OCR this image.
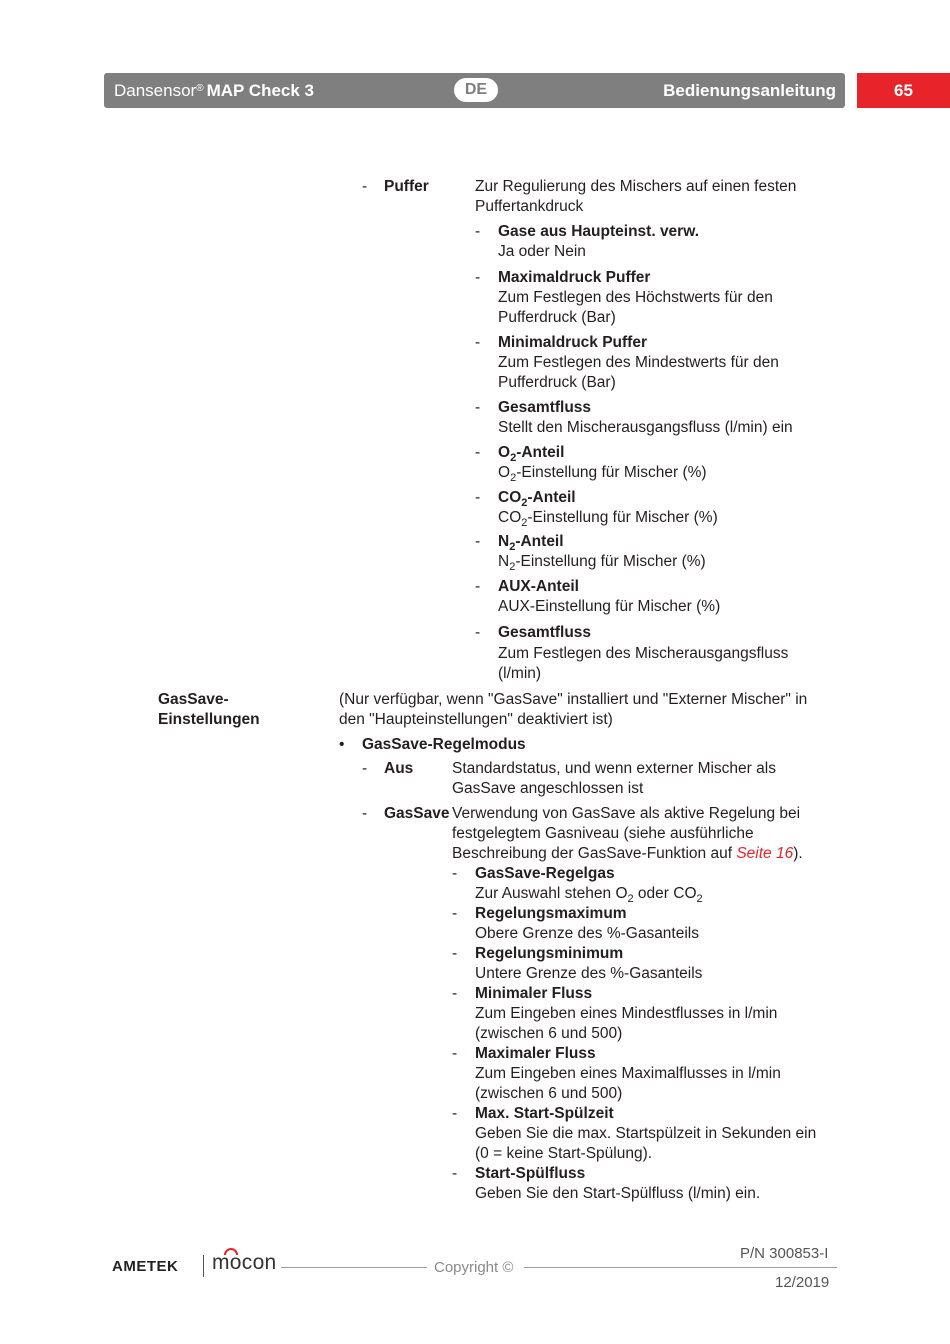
Dansensor® MAP Check 3	DE	Bedienungsanleitung	65
- Puffer	Zur Regulierung des Mischers auf einen festen
Puffertankdruck
- Gase aus Haupteinst. verw.
Ja oder Nein
- Maximaldruck Puffer
Zum Festlegen des Höchstwerts für den
Pufferdruck (Bar)
- Minimaldruck Puffer
Zum Festlegen des Mindestwerts für den
Pufferdruck (Bar)
- Gesamtfluss
Stellt den Mischerausgangsfluss (l/min) ein
- $O_2$-Anteil
$O_2$-Einstellung für Mischer (%)
- $CO_2$-Anteil
$CO_2$-Einstellung für Mischer (%)
- $N_2$-Anteil
$N_2$-Einstellung für Mischer (%)
- AUX-Anteil
AUX-Einstellung für Mischer (%)
- Gesamtfluss
Zum Festlegen des Mischerausgangsfluss
(l/min)
GasSave-
Einstellungen
(Nur verfügbar, wenn "GasSave" installiert und "Externer Mischer" in
den "Haupteinstellungen" deaktiviert ist)
• GasSave-Regelmodus
- Aus Standardstatus, und wenn externer Mischer als
GasSave angeschlossen ist
- GasSave Verwendung von GasSave als aktive Regelung bei
festgelegtem Gasniveau (siehe ausführliche
Beschreibung der GasSave-Funktion auf Seite 16).
- GasSave-Regelgas
Zur Auswahl stehen $O_2$ oder $CO_2$
- Regelungsmaximum
Obere Grenze des %-Gasanteils
- Regelungsminimum
Untere Grenze des %-Gasanteils
- Minimaler Fluss
Zum Eingeben eines Mindestflusses in l/min
(zwischen 6 und 500)
- Maximaler Fluss
Zum Eingeben eines Maximalflusses in l/min
(zwischen 6 und 500)
- Max. Start-Spülzeit
Geben Sie die max. Startspülzeit in Sekunden ein
(0 = keine Start-Spülung).
- Start-Spülfluss
Geben Sie den Start-Spülfluss (l/min) ein.
AMETEK mocon	Copyright ©
P/N 300853-I
12/2019
